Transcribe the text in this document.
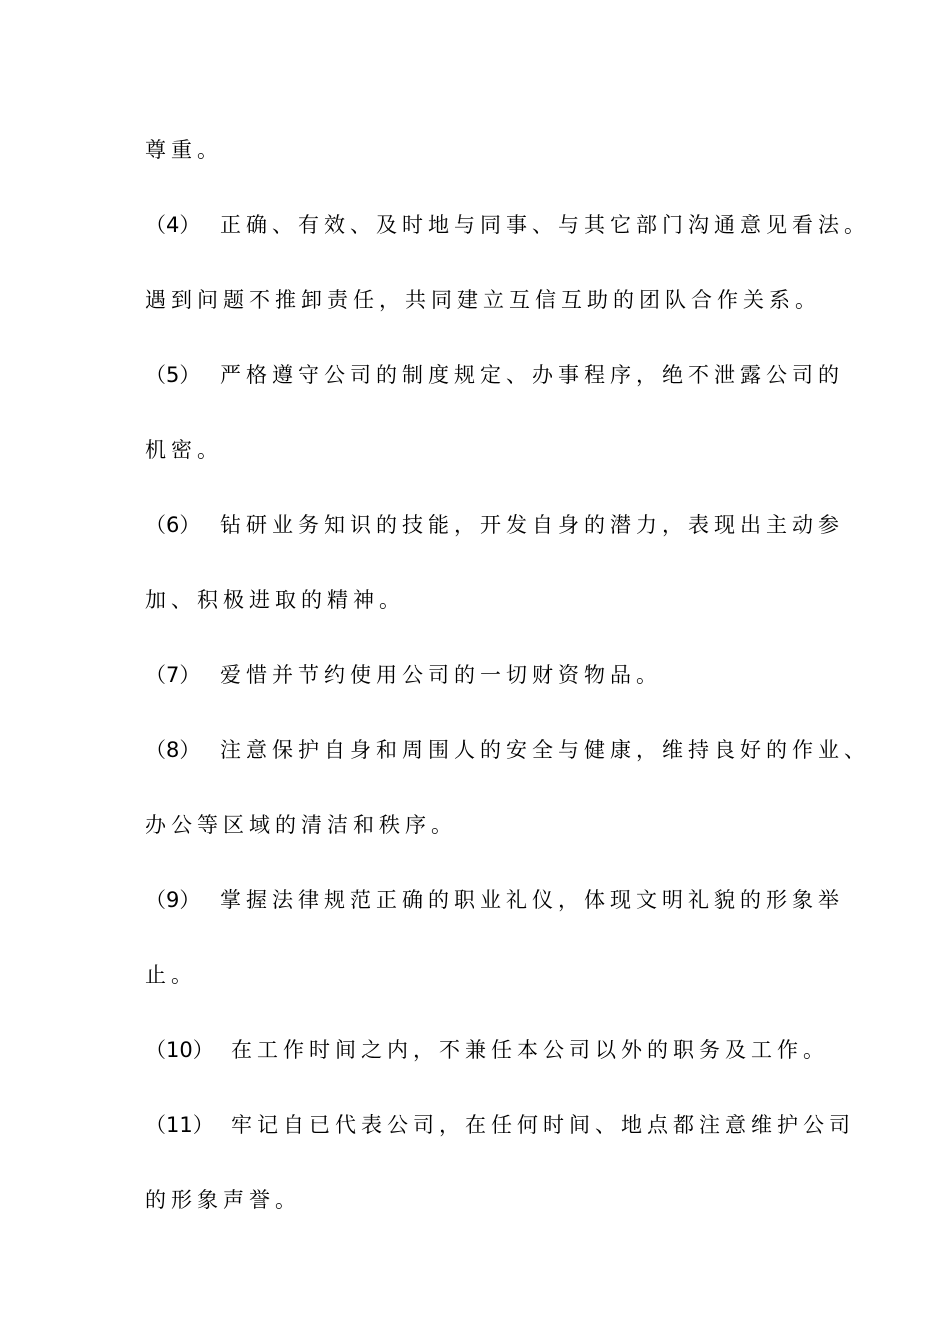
尊重。
（4） 正确、有效、及时地与同事、与其它部门沟通意见看法。
遇到问题不推卸责任，共同建立互信互助的团队合作关系。
（5） 严格遵守公司的制度规定、办事程序，绝不泄露公司的
机密。
（6） 钻研业务知识的技能，开发自身的潜力，表现出主动参
加、积极进取的精神。
（7） 爱惜并节约使用公司的一切财资物品。
（8） 注意保护自身和周围人的安全与健康，维持良好的作业、
办公等区域的清洁和秩序。
（9） 掌握法律规范正确的职业礼仪，体现文明礼貌的形象举
止。
（10） 在工作时间之内，不兼任本公司以外的职务及工作。
（11） 牢记自已代表公司，在任何时间、地点都注意维护公司
的形象声誉。
